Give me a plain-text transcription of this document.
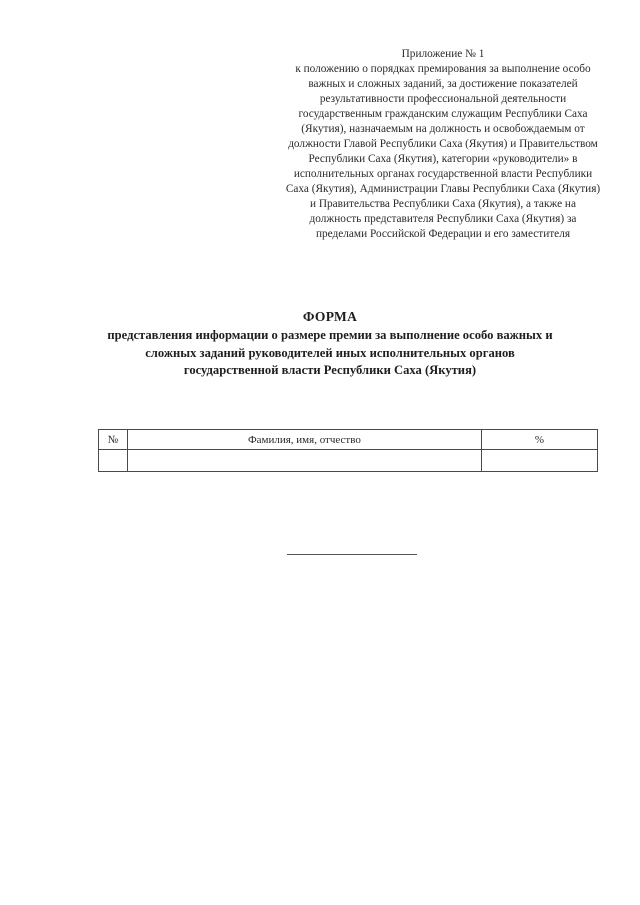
Приложение № 1
к положению о порядках премирования за выполнение особо важных и сложных заданий, за достижение показателей результативности профессиональной деятельности государственным гражданским служащим Республики Саха (Якутия), назначаемым на должность и освобождаемым от должности Главой Республики Саха (Якутия) и Правительством Республики Саха (Якутия), категории «руководители» в исполнительных органах государственной власти Республики Саха (Якутия), Администрации Главы Республики Саха (Якутия) и Правительства Республики Саха (Якутия), а также на должность представителя Республики Саха (Якутия) за пределами Российской Федерации и его заместителя
ФОРМА
представления информации о размере премии за выполнение особо важных и сложных заданий руководителей иных исполнительных органов государственной власти Республики Саха (Якутия)
№	Фамилия, имя, отчество	%
